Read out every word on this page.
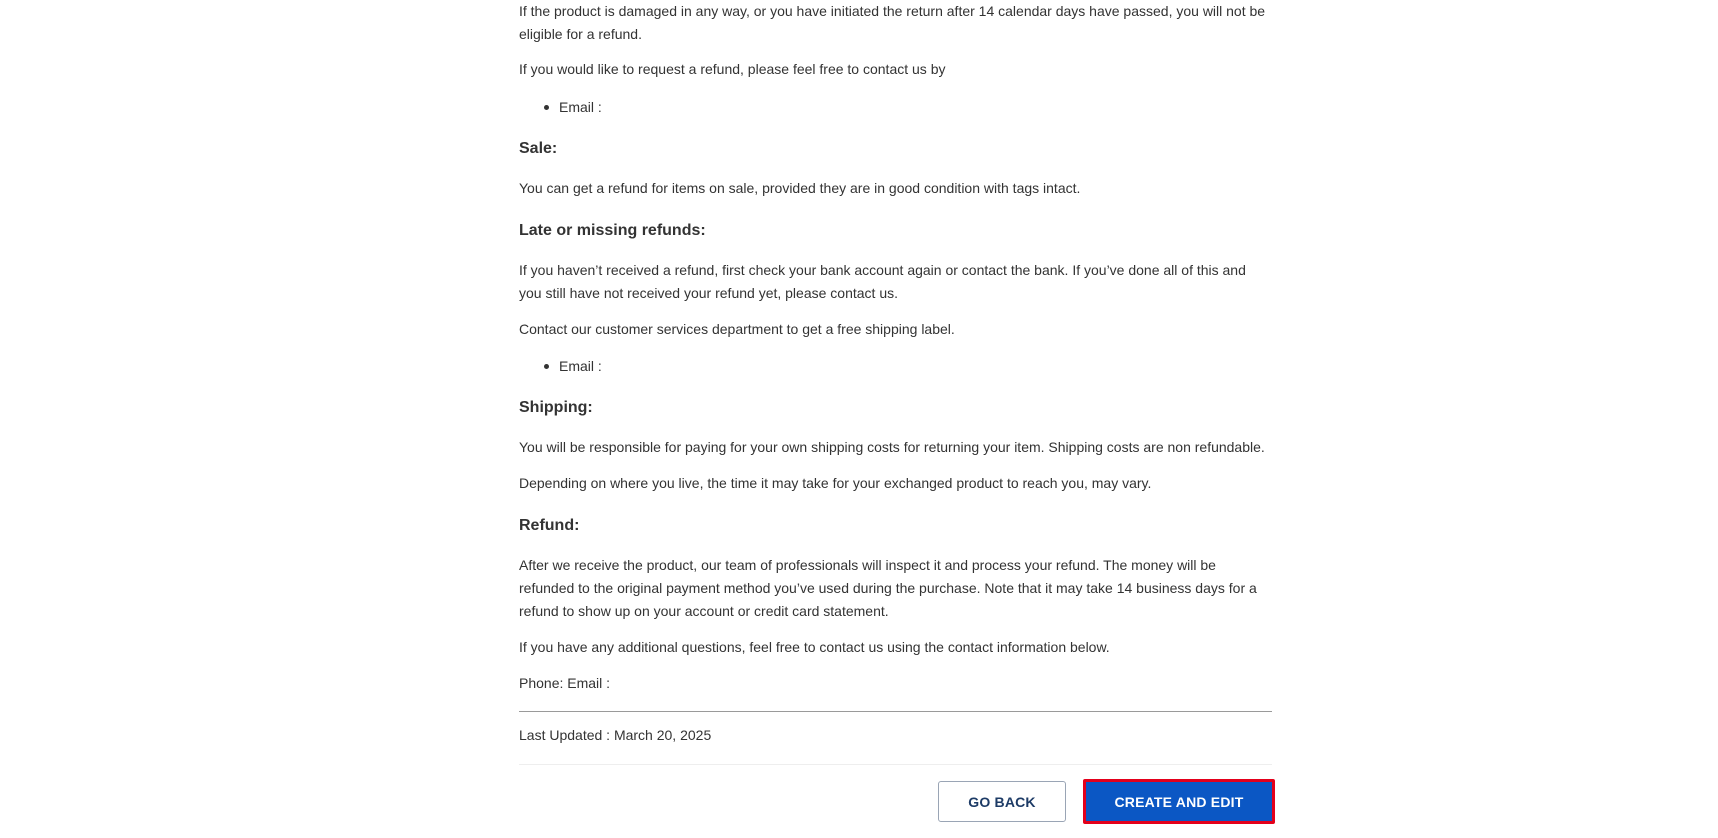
If the product is damaged in any way, or you have initiated the return after 14 calendar days have passed, you will not be eligible for a refund.

If you would like to request a refund, please feel free to contact us by

Email :
Sale:

You can get a refund for items on sale, provided they are in good condition with tags intact.

Late or missing refunds:

If you haven’t received a refund, first check your bank account again or contact the bank. If you’ve done all of this and you still have not received your refund yet, please contact us.

Contact our customer services department to get a free shipping label.

Email :
Shipping:

You will be responsible for paying for your own shipping costs for returning your item. Shipping costs are non refundable.

Depending on where you live, the time it may take for your exchanged product to reach you, may vary.

Refund:

After we receive the product, our team of professionals will inspect it and process your refund. The money will be refunded to the original payment method you’ve used during the purchase. Note that it may take 14 business days for a refund to show up on your account or credit card statement.

If you have any additional questions, feel free to contact us using the contact information below.

Phone: Email :

Last Updated : March 20, 2025

GO BACK	CREATE AND EDIT
